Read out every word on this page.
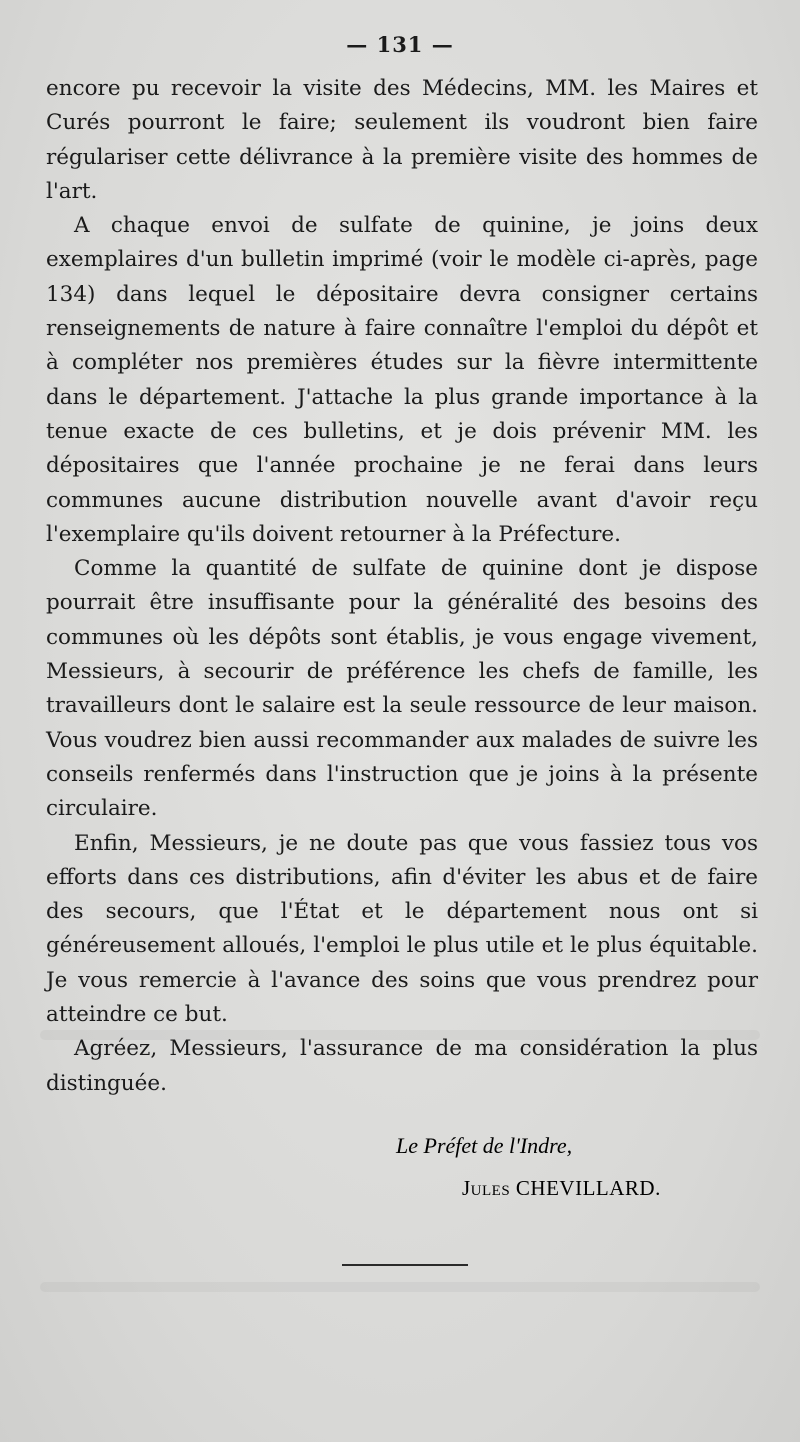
— 131 —

encore pu recevoir la visite des Médecins, MM. les Maires et Curés pourront le faire; seulement ils voudront bien faire régulariser cette délivrance à la première visite des hommes de l'art.

A chaque envoi de sulfate de quinine, je joins deux exemplaires d'un bulletin imprimé (voir le modèle ci-après, page 134) dans lequel le dépositaire devra consigner certains renseignements de nature à faire connaître l'emploi du dépôt et à compléter nos premières études sur la fièvre intermittente dans le département. J'attache la plus grande importance à la tenue exacte de ces bulletins, et je dois prévenir MM. les dépositaires que l'année prochaine je ne ferai dans leurs communes aucune distribution nouvelle avant d'avoir reçu l'exemplaire qu'ils doivent retourner à la Préfecture.

Comme la quantité de sulfate de quinine dont je dispose pourrait être insuffisante pour la généralité des besoins des communes où les dépôts sont établis, je vous engage vivement, Messieurs, à secourir de préférence les chefs de famille, les travailleurs dont le salaire est la seule ressource de leur maison. Vous voudrez bien aussi recommander aux malades de suivre les conseils renfermés dans l'instruction que je joins à la présente circulaire.

Enfin, Messieurs, je ne doute pas que vous fassiez tous vos efforts dans ces distributions, afin d'éviter les abus et de faire des secours, que l'État et le département nous ont si généreusement alloués, l'emploi le plus utile et le plus équitable. Je vous remercie à l'avance des soins que vous prendrez pour atteindre ce but.

Agréez, Messieurs, l'assurance de ma considération la plus distinguée.

Le Préfet de l'Indre,
Jules CHEVILLARD.
